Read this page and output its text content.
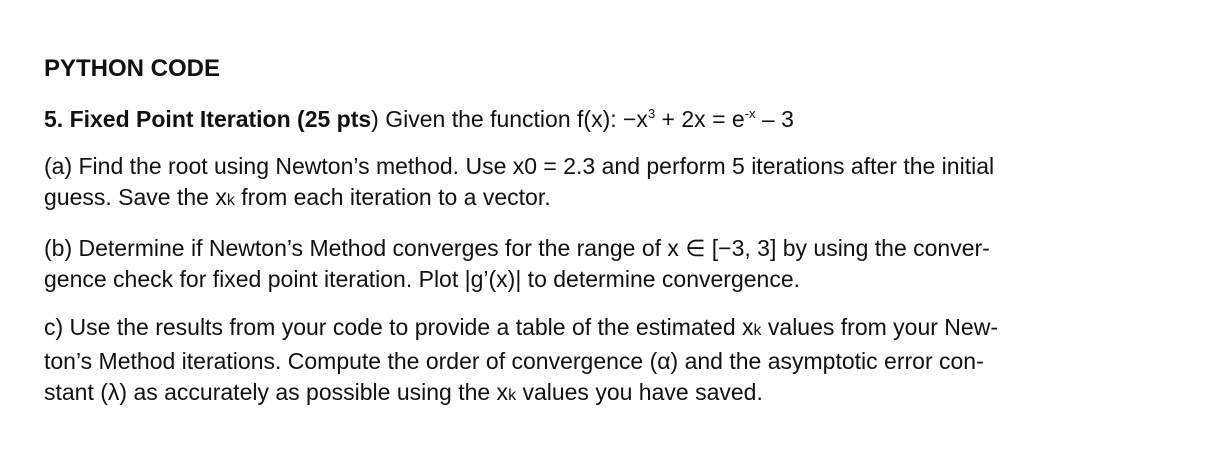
PYTHON CODE
5. Fixed Point Iteration (25 pts) Given the function f(x): $-x^3 + 2x = e^{-x} - 3$
(a) Find the root using Newton’s method. Use x0 = 2.3 and perform 5 iterations after the initial
guess. Save the xk from each iteration to a vector.
(b) Determine if Newton’s Method converges for the range of x ∈ [−3, 3] by using the conver-
gence check for fixed point iteration. Plot |g’(x)| to determine convergence.
c) Use the results from your code to provide a table of the estimated xk values from your New-
ton’s Method iterations. Compute the order of convergence (α) and the asymptotic error con-
stant (λ) as accurately as possible using the xk values you have saved.
